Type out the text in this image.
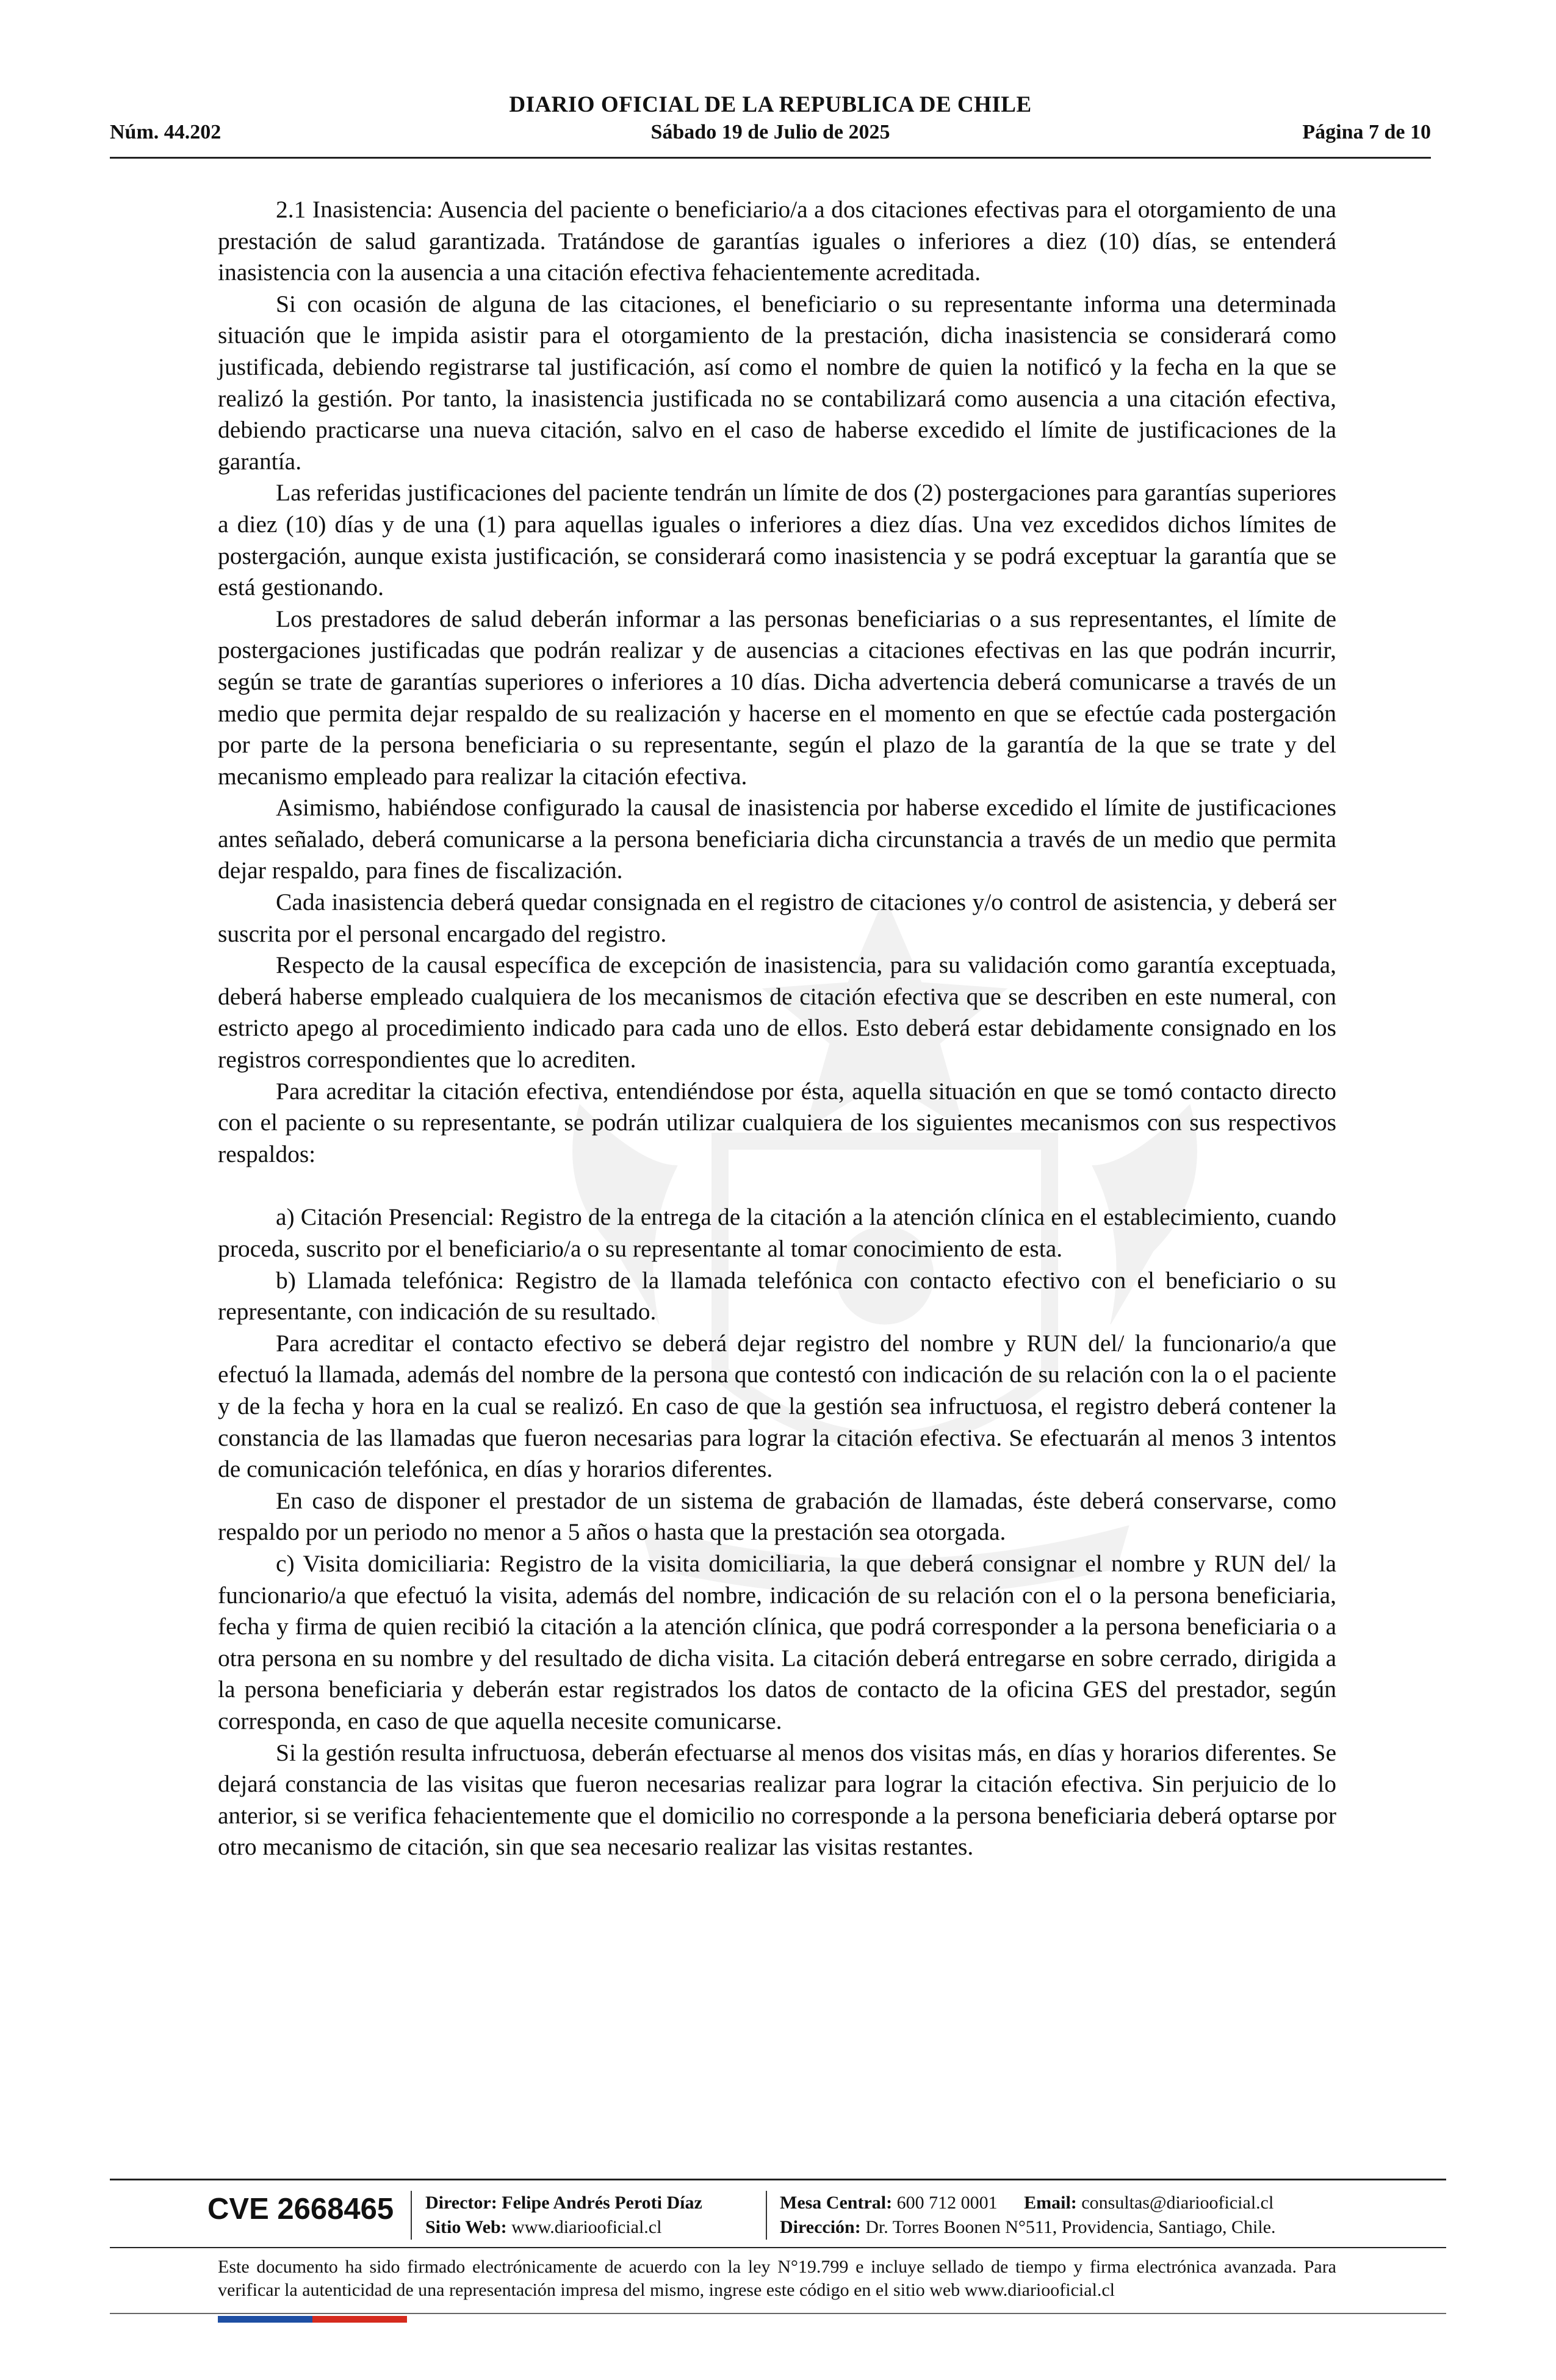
DIARIO OFICIAL DE LA REPUBLICA DE CHILE
Núm. 44.202	Sábado 19 de Julio de 2025	Página 7 de 10

2.1 Inasistencia: Ausencia del paciente o beneficiario/a a dos citaciones efectivas para el otorgamiento de una prestación de salud garantizada. Tratándose de garantías iguales o inferiores a diez (10) días, se entenderá inasistencia con la ausencia a una citación efectiva fehacientemente acreditada.

Si con ocasión de alguna de las citaciones, el beneficiario o su representante informa una determinada situación que le impida asistir para el otorgamiento de la prestación, dicha inasistencia se considerará como justificada, debiendo registrarse tal justificación, así como el nombre de quien la notificó y la fecha en la que se realizó la gestión. Por tanto, la inasistencia justificada no se contabilizará como ausencia a una citación efectiva, debiendo practicarse una nueva citación, salvo en el caso de haberse excedido el límite de justificaciones de la garantía.

Las referidas justificaciones del paciente tendrán un límite de dos (2) postergaciones para garantías superiores a diez (10) días y de una (1) para aquellas iguales o inferiores a diez días. Una vez excedidos dichos límites de postergación, aunque exista justificación, se considerará como inasistencia y se podrá exceptuar la garantía que se está gestionando.

Los prestadores de salud deberán informar a las personas beneficiarias o a sus representantes, el límite de postergaciones justificadas que podrán realizar y de ausencias a citaciones efectivas en las que podrán incurrir, según se trate de garantías superiores o inferiores a 10 días. Dicha advertencia deberá comunicarse a través de un medio que permita dejar respaldo de su realización y hacerse en el momento en que se efectúe cada postergación por parte de la persona beneficiaria o su representante, según el plazo de la garantía de la que se trate y del mecanismo empleado para realizar la citación efectiva.

Asimismo, habiéndose configurado la causal de inasistencia por haberse excedido el límite de justificaciones antes señalado, deberá comunicarse a la persona beneficiaria dicha circunstancia a través de un medio que permita dejar respaldo, para fines de fiscalización.

Cada inasistencia deberá quedar consignada en el registro de citaciones y/o control de asistencia, y deberá ser suscrita por el personal encargado del registro.

Respecto de la causal específica de excepción de inasistencia, para su validación como garantía exceptuada, deberá haberse empleado cualquiera de los mecanismos de citación efectiva que se describen en este numeral, con estricto apego al procedimiento indicado para cada uno de ellos. Esto deberá estar debidamente consignado en los registros correspondientes que lo acrediten.

Para acreditar la citación efectiva, entendiéndose por ésta, aquella situación en que se tomó contacto directo con el paciente o su representante, se podrán utilizar cualquiera de los siguientes mecanismos con sus respectivos respaldos:

a) Citación Presencial: Registro de la entrega de la citación a la atención clínica en el establecimiento, cuando proceda, suscrito por el beneficiario/a o su representante al tomar conocimiento de esta.

b) Llamada telefónica: Registro de la llamada telefónica con contacto efectivo con el beneficiario o su representante, con indicación de su resultado.

Para acreditar el contacto efectivo se deberá dejar registro del nombre y RUN del/ la funcionario/a que efectuó la llamada, además del nombre de la persona que contestó con indicación de su relación con la o el paciente y de la fecha y hora en la cual se realizó. En caso de que la gestión sea infructuosa, el registro deberá contener la constancia de las llamadas que fueron necesarias para lograr la citación efectiva. Se efectuarán al menos 3 intentos de comunicación telefónica, en días y horarios diferentes.

En caso de disponer el prestador de un sistema de grabación de llamadas, éste deberá conservarse, como respaldo por un periodo no menor a 5 años o hasta que la prestación sea otorgada.

c) Visita domiciliaria: Registro de la visita domiciliaria, la que deberá consignar el nombre y RUN del/ la funcionario/a que efectuó la visita, además del nombre, indicación de su relación con el o la persona beneficiaria, fecha y firma de quien recibió la citación a la atención clínica, que podrá corresponder a la persona beneficiaria o a otra persona en su nombre y del resultado de dicha visita. La citación deberá entregarse en sobre cerrado, dirigida a la persona beneficiaria y deberán estar registrados los datos de contacto de la oficina GES del prestador, según corresponda, en caso de que aquella necesite comunicarse.

Si la gestión resulta infructuosa, deberán efectuarse al menos dos visitas más, en días y horarios diferentes. Se dejará constancia de las visitas que fueron necesarias realizar para lograr la citación efectiva. Sin perjuicio de lo anterior, si se verifica fehacientemente que el domicilio no corresponde a la persona beneficiaria deberá optarse por otro mecanismo de citación, sin que sea necesario realizar las visitas restantes.

CVE 2668465 Director: Felipe Andrés Peroti Díaz
Sitio Web: www.diariooficial.cl
Mesa Central: 600 712 0001 Email: consultas@diariooficial.cl
Dirección: Dr. Torres Boonen N°511, Providencia, Santiago, Chile.
Este documento ha sido firmado electrónicamente de acuerdo con la ley N°19.799 e incluye sellado de tiempo y firma electrónica avanzada. Para verificar la autenticidad de una representación impresa del mismo, ingrese este código en el sitio web www.diariooficial.cl
